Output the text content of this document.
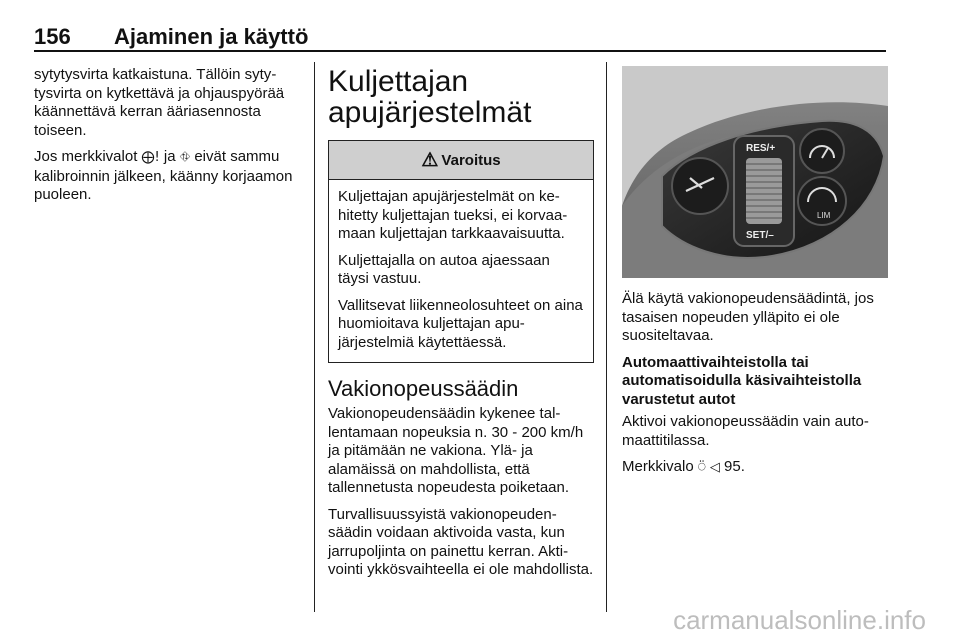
156 Ajaminen ja käyttö

sytytysvirta katkaistuna. Tällöin sytytysvirta on kytkettävä ja ohjauspyörää käännettävä kerran ääriasennosta toiseen.

Jos merkkivalot ⨁! ja ⛗ eivät sammu kalibroinnin jälkeen, käänny korjaamon puoleen.

Kuljettajan
apujärjestelmät
⚠ Varoitus

Kuljettajan apujärjestelmät on kehitetty kuljettajan tueksi, ei korvaamaan kuljettajan tarkkaavaisuutta.

Kuljettajalla on autoa ajaessaan täysi vastuu.

Vallitsevat liikenneolosuhteet on aina huomioitava kuljettajan apujärjestelmiä käytettäessä.

Vakionopeussäädin

Vakionopeudensäädin kykenee tallentamaan nopeuksia n. 30 - 200 km/h ja pitämään ne vakiona. Ylä- ja alamäissä on mahdollista, että tallennetusta nopeudesta poiketaan.

Turvallisuussyistä vakionopeudensäädin voidaan aktivoida vasta, kun jarrupoljinta on painettu kerran. Aktivointi ykkösvaihteella ei ole mahdollista.

LIM
RES/+
SET/–

Älä käytä vakionopeudensäädintä, jos tasaisen nopeuden ylläpito ei ole suositeltavaa.

Automaattivaihteistolla tai automatisoidulla käsivaihteistolla varustetut autot

Aktivoi vakionopeussäädin vain automaattitilassa.

Merkkivalo ⍥ ◁ 95.

carmanualsonline.info
